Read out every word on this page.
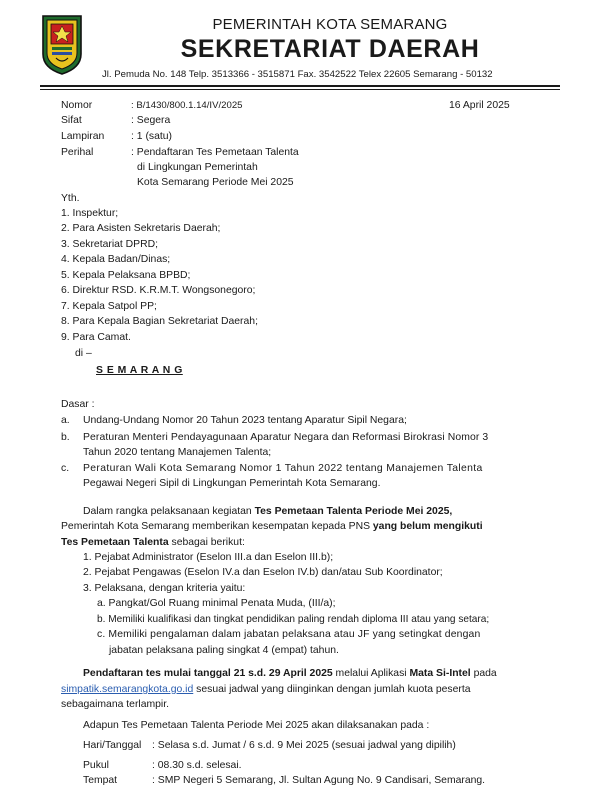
PEMERINTAH KOTA SEMARANG
SEKRETARIAT DAERAH
Jl. Pemuda No. 148 Telp. 3513366 - 3515871 Fax. 3542522 Telex 22605 Semarang - 50132
Nomor	: B/1430/800.1.14/IV/2025	16 April 2025
Sifat	: Segera
Lampiran	: 1 (satu)
Perihal	: Pendaftaran Tes Pemetaan Talenta
di Lingkungan Pemerintah
Kota Semarang Periode Mei 2025
Yth.
1. Inspektur;
2. Para Asisten Sekretaris Daerah;
3. Sekretariat DPRD;
4. Kepala Badan/Dinas;
5. Kepala Pelaksana BPBD;
6. Direktur RSD. K.R.M.T. Wongsonegoro;
7. Kepala Satpol PP;
8. Para Kepala Bagian Sekretariat Daerah;
9. Para Camat.
di –
S E M A R A N G
Dasar :
a. Undang-Undang Nomor 20 Tahun 2023 tentang Aparatur Sipil Negara;
b. Peraturan Menteri Pendayagunaan Aparatur Negara dan Reformasi Birokrasi Nomor 3
Tahun 2020 tentang Manajemen Talenta;
c. Peraturan Wali Kota Semarang Nomor 1 Tahun 2022 tentang Manajemen Talenta
Pegawai Negeri Sipil di Lingkungan Pemerintah Kota Semarang.
Dalam rangka pelaksanaan kegiatan Tes Pemetaan Talenta Periode Mei 2025,
Pemerintah Kota Semarang memberikan kesempatan kepada PNS yang belum mengikuti
Tes Pemetaan Talenta sebagai berikut:
1. Pejabat Administrator (Eselon III.a dan Eselon III.b);
2. Pejabat Pengawas (Eselon IV.a dan Eselon IV.b) dan/atau Sub Koordinator;
3. Pelaksana, dengan kriteria yaitu:
a. Pangkat/Gol Ruang minimal Penata Muda, (III/a);
b. Memiliki kualifikasi dan tingkat pendidikan paling rendah diploma III atau yang setara;
c. Memiliki pengalaman dalam jabatan pelaksana atau JF yang setingkat dengan
jabatan pelaksana paling singkat 4 (empat) tahun.
Pendaftaran tes mulai tanggal 21 s.d. 29 April 2025 melalui Aplikasi Mata Si-Intel pada
simpatik.semarangkota.go.id sesuai jadwal yang diinginkan dengan jumlah kuota peserta
sebagaimana terlampir.
Adapun Tes Pemetaan Talenta Periode Mei 2025 akan dilaksanakan pada :
Hari/Tanggal : Selasa s.d. Jumat / 6 s.d. 9 Mei 2025 (sesuai jadwal yang dipilih)
Pukul	: 08.30 s.d. selesai.
Tempat	: SMP Negeri 5 Semarang, Jl. Sultan Agung No. 9 Candisari, Semarang.
